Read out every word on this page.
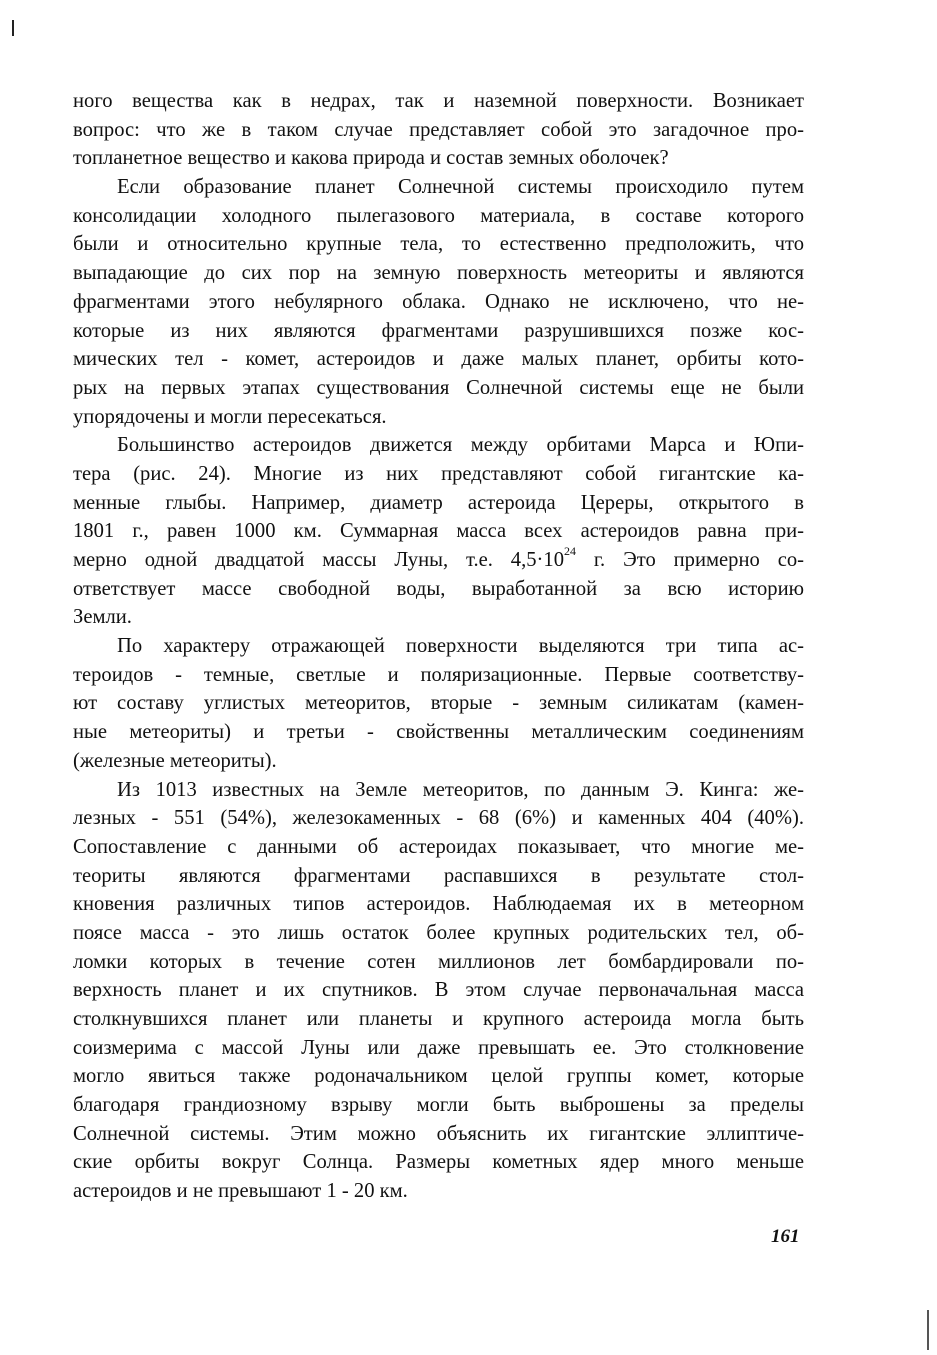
ного вещества как в недрах, так и наземной поверхности. Возникает
вопрос: что же в таком случае представляет собой это загадочное про-
топланетное вещество и какова природа и состав земных оболочек?
Если образование планет Солнечной системы происходило путем
консолидации холодного пылегазового материала, в составе которого
были и относительно крупные тела, то естественно предположить, что
выпадающие до сих пор на земную поверхность метеориты и являются
фрагментами этого небулярного облака. Однако не исключено, что не-
которые из них являются фрагментами разрушившихся позже кос-
мических тел - комет, астероидов и даже малых планет, орбиты кото-
рых на первых этапах существования Солнечной системы еще не были
упорядочены и могли пересекаться.
Большинство астероидов движется между орбитами Марса и Юпи-
тера (рис. 24). Многие из них представляют собой гигантские ка-
менные глыбы. Например, диаметр астероида Цереры, открытого в
1801 г., равен 1000 км. Суммарная масса всех астероидов равна при-
мерно одной двадцатой массы Луны, т.е. $4,5\cdot 10^{24}$ г. Это примерно со-
ответствует массе свободной воды, выработанной за всю историю
Земли.
По характеру отражающей поверхности выделяются три типа ас-
тероидов - темные, светлые и поляризационные. Первые соответству-
ют составу углистых метеоритов, вторые - земным силикатам (камен-
ные метеориты) и третьи - свойственны металлическим соединениям
(железные метеориты).
Из 1013 известных на Земле метеоритов, по данным Э. Кинга: же-
лезных - 551 (54%), железокаменных - 68 (6%) и каменных 404 (40%).
Сопоставление с данными об астероидах показывает, что многие ме-
теориты являются фрагментами распавшихся в результате стол-
кновения различных типов астероидов. Наблюдаемая их в метеорном
поясе масса - это лишь остаток более крупных родительских тел, об-
ломки которых в течение сотен миллионов лет бомбардировали по-
верхность планет и их спутников. В этом случае первоначальная масса
столкнувшихся планет или планеты и крупного астероида могла быть
соизмерима с массой Луны или даже превышать ее. Это столкновение
могло явиться также родоначальником целой группы комет, которые
благодаря грандиозному взрыву могли быть выброшены за пределы
Солнечной системы. Этим можно объяснить их гигантские эллиптиче-
ские орбиты вокруг Солнца. Размеры кометных ядер много меньше
астероидов и не превышают 1 - 20 км.
161
